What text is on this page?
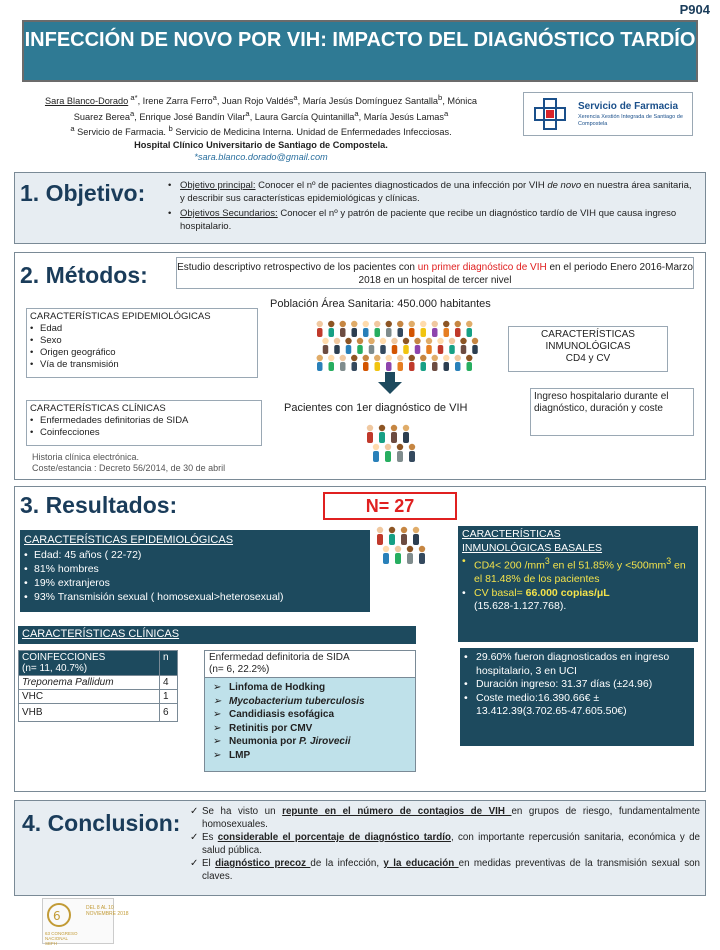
P904
INFECCIÓN DE NOVO POR VIH: IMPACTO DEL DIAGNÓSTICO TARDÍO
Sara Blanco-Dorado $^{a*}$, Irene Zarra Ferro$^a$, Juan Rojo Valdés$^a$, María Jesús Domínguez Santalla$^b$, Mónica
Suarez Berea$^a$, Enrique José Bandín Vilar$^a$, Laura García Quintanilla$^a$, María Jesús Lamas$^a$
$^a$ Servicio de Farmacia. $^b$ Servicio de Medicina Interna. Unidad de Enfermedades Infecciosas.
Hospital Clínico Universitario de Santiago de Compostela.
*sara.blanco.dorado@gmail.com
Servicio de Farmacia
Xerencia Xestión Integrada de Santiago de Compostela
1. Objetivo:	• Objetivo principal: Conocer el nº de pacientes diagnosticados de una infección por VIH de novo en nuestra área sanitaria, y describir sus características epidemiológicas y clínicas.
• Objetivos Secundarios: Conocer el nº y patrón de paciente que recibe un diagnóstico tardío de VIH que causa ingreso hospitalario.
2. Métodos:	Estudio descriptivo retrospectivo de los pacientes con un primer diagnóstico de VIH en el periodo Enero 2016-Marzo 2018 en un hospital de tercer nivel
CARACTERÍSTICAS EPIDEMIOLÓGICAS
• Edad
• Sexo
• Origen geográfico
• Vía de transmisión
CARACTERÍSTICAS CLÍNICAS
• Enfermedades definitorias de SIDA
• Coinfecciones
Población Área Sanitaria: 450.000 habitantes
CARACTERÍSTICAS
INMUNOLÓGICAS
CD4 y CV
Ingreso hospitalario durante el diagnóstico, duración y coste
Pacientes con 1er diagnóstico de VIH
Historia clínica electrónica.
Coste/estancia : Decreto 56/2014, de 30 de abril
3. Resultados:	N= 27
CARACTERÍSTICAS EPIDEMIOLÓGICAS
• Edad: 45 años ( 22-72)
• 81% hombres
• 19% extranjeros
• 93% Transmisión sexual ( homosexual>heterosexual)
CARACTERÍSTICAS
INMUNOLÓGICAS BASALES
• CD4< 200 $/mm^3$ en el 51.85% $y <500mm^3$ en el 81.48% de los pacientes
• CV basal= 66.000 copias/μL
(15.628-1.127.768).
CARACTERÍSTICAS CLÍNICAS
COINFECCIONES
(n= 11, 40.7%)	n
Treponema Pallidum	4
VHC	1
VHB	6
Enfermedad definitoria de SIDA
(n= 6, 22.2%)
➢ Linfoma de Hodking
➢ Mycobacterium tuberculosis
➢ Candidiasis esofágica
➢ Retinitis por CMV
➢ Neumonia por P. Jirovecii
➢ LMP
• 29.60% fueron diagnosticados en ingreso hospitalario, 3 en UCI
• Duración ingreso: 31.37 días (±24.96)
• Coste medio:16.390.66€ ± 13.412.39(3.702.65-47.605.50€)
4. Conclusion:	✓ Se ha visto un repunte en el número de contagios de VIH en grupos de riesgo, fundamentalmente homosexuales.
✓ Es considerable el porcentaje de diagnóstico tardío, con importante repercusión sanitaria, económica y de salud pública.
✓ El diagnóstico precoz de la infección, y la educación en medidas preventivas de la transmisión sexual son claves.
6
63 CONGRESO NACIONAL SEFH
DEL 8 AL 10 NOVIEMBRE 2018
